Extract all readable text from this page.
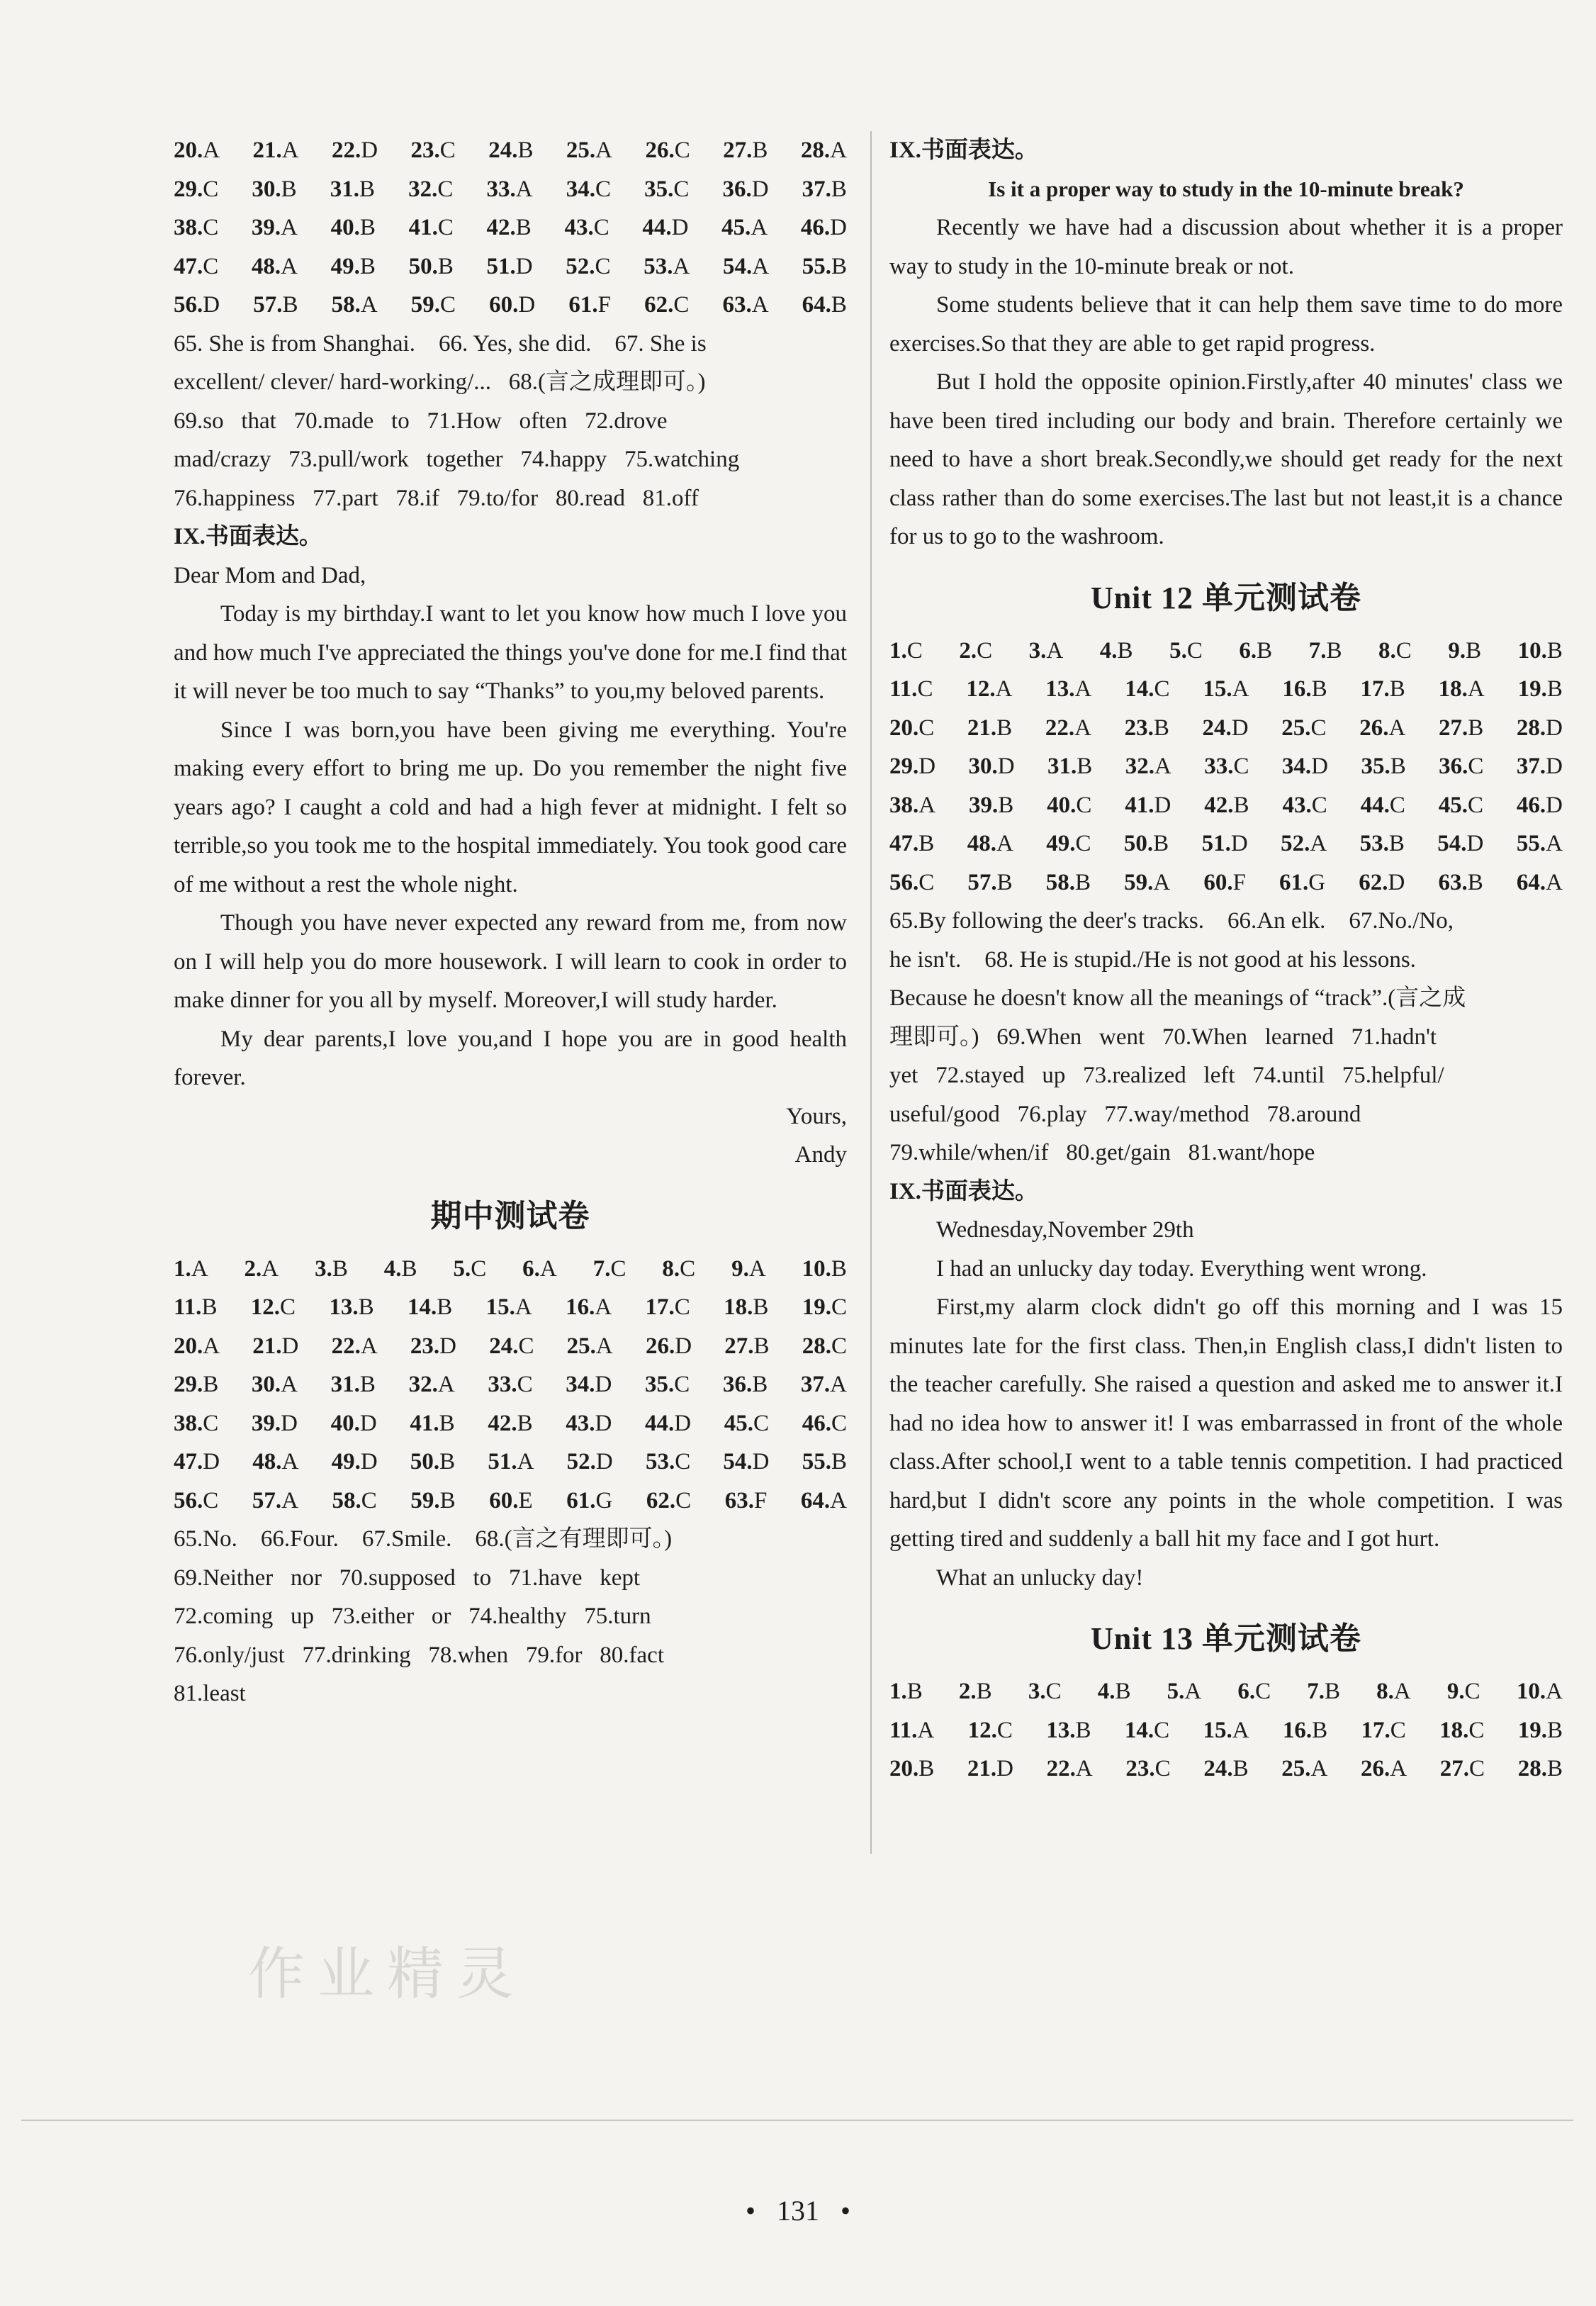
20.A 21.A 22.D 23.C 24.B 25.A 26.C 27.B 28.A
29.C 30.B 31.B 32.C 33.A 34.C 35.C 36.D 37.B
38.C 39.A 40.B 41.C 42.B 43.C 44.D 45.A 46.D
47.C 48.A 49.B 50.B 51.D 52.C 53.A 54.A 55.B
56.D 57.B 58.A 59.C 60.D 61.F 62.C 63.A 64.B
65. She is from Shanghai.    66. Yes, she did.    67. She is
excellent/ clever/ hard-working/...   68.(言之成理即可。)
69.so   that   70.made   to   71.How   often   72.drove
mad/crazy   73.pull/work   together   74.happy   75.watching
76.happiness   77.part   78.if   79.to/for   80.read   81.off
IX.书面表达。
Dear Mom and Dad,
Today is my birthday.I want to let you know how much I love you and how much I've appreciated the things you've done for me.I find that it will never be too much to say “Thanks” to you,my beloved parents.
Since I was born,you have been giving me everything. You're making every effort to bring me up. Do you remember the night five years ago? I caught a cold and had a high fever at midnight. I felt so terrible,so you took me to the hospital immediately. You took good care of me without a rest the whole night.
Though you have never expected any reward from me, from now on I will help you do more housework. I will learn to cook in order to make dinner for you all by myself. Moreover,I will study harder.
My dear parents,I love you,and I hope you are in good health forever.
Yours,
Andy
期中测试卷
1.A 2.A 3.B 4.B 5.C 6.A 7.C 8.C 9.A 10.B
11.B 12.C 13.B 14.B 15.A 16.A 17.C 18.B 19.C
20.A 21.D 22.A 23.D 24.C 25.A 26.D 27.B 28.C
29.B 30.A 31.B 32.A 33.C 34.D 35.C 36.B 37.A
38.C 39.D 40.D 41.B 42.B 43.D 44.D 45.C 46.C
47.D 48.A 49.D 50.B 51.A 52.D 53.C 54.D 55.B
56.C 57.A 58.C 59.B 60.E 61.G 62.C 63.F 64.A
65.No.    66.Four.    67.Smile.    68.(言之有理即可。)
69.Neither   nor   70.supposed   to   71.have   kept
72.coming   up   73.either   or   74.healthy   75.turn
76.only/just   77.drinking   78.when   79.for   80.fact
81.least
IX.书面表达。
Is it a proper way to study in the 10-minute break?
Recently we have had a discussion about whether it is a proper way to study in the 10-minute break or not.
Some students believe that it can help them save time to do more exercises.So that they are able to get rapid progress.
But I hold the opposite opinion.Firstly,after 40 minutes' class we have been tired including our body and brain. Therefore certainly we need to have a short break.Secondly,we should get ready for the next class rather than do some exercises.The last but not least,it is a chance for us to go to the washroom.
Unit 12 单元测试卷
1.C 2.C 3.A 4.B 5.C 6.B 7.B 8.C 9.B 10.B
11.C 12.A 13.A 14.C 15.A 16.B 17.B 18.A 19.B
20.C 21.B 22.A 23.B 24.D 25.C 26.A 27.B 28.D
29.D 30.D 31.B 32.A 33.C 34.D 35.B 36.C 37.D
38.A 39.B 40.C 41.D 42.B 43.C 44.C 45.C 46.D
47.B 48.A 49.C 50.B 51.D 52.A 53.B 54.D 55.A
56.C 57.B 58.B 59.A 60.F 61.G 62.D 63.B 64.A
65.By following the deer's tracks.    66.An elk.    67.No./No,
he isn't.    68. He is stupid./He is not good at his lessons.
Because he doesn't know all the meanings of “track”.(言之成
理即可。)   69.When   went   70.When   learned   71.hadn't
yet   72.stayed   up   73.realized   left   74.until   75.helpful/
useful/good   76.play   77.way/method   78.around
79.while/when/if   80.get/gain   81.want/hope
IX.书面表达。
Wednesday,November 29th
I had an unlucky day today. Everything went wrong.
First,my alarm clock didn't go off this morning and I was 15 minutes late for the first class. Then,in English class,I didn't listen to the teacher carefully. She raised a question and asked me to answer it.I had no idea how to answer it! I was embarrassed in front of the whole class.After school,I went to a table tennis competition. I had practiced hard,but I didn't score any points in the whole competition. I was getting tired and suddenly a ball hit my face and I got hurt.
What an unlucky day!
Unit 13 单元测试卷
1.B 2.B 3.C 4.B 5.A 6.C 7.B 8.A 9.C 10.A
11.A 12.C 13.B 14.C 15.A 16.B 17.C 18.C 19.B
20.B 21.D 22.A 23.C 24.B 25.A 26.A 27.C 28.B
作业精灵
•   131   •
